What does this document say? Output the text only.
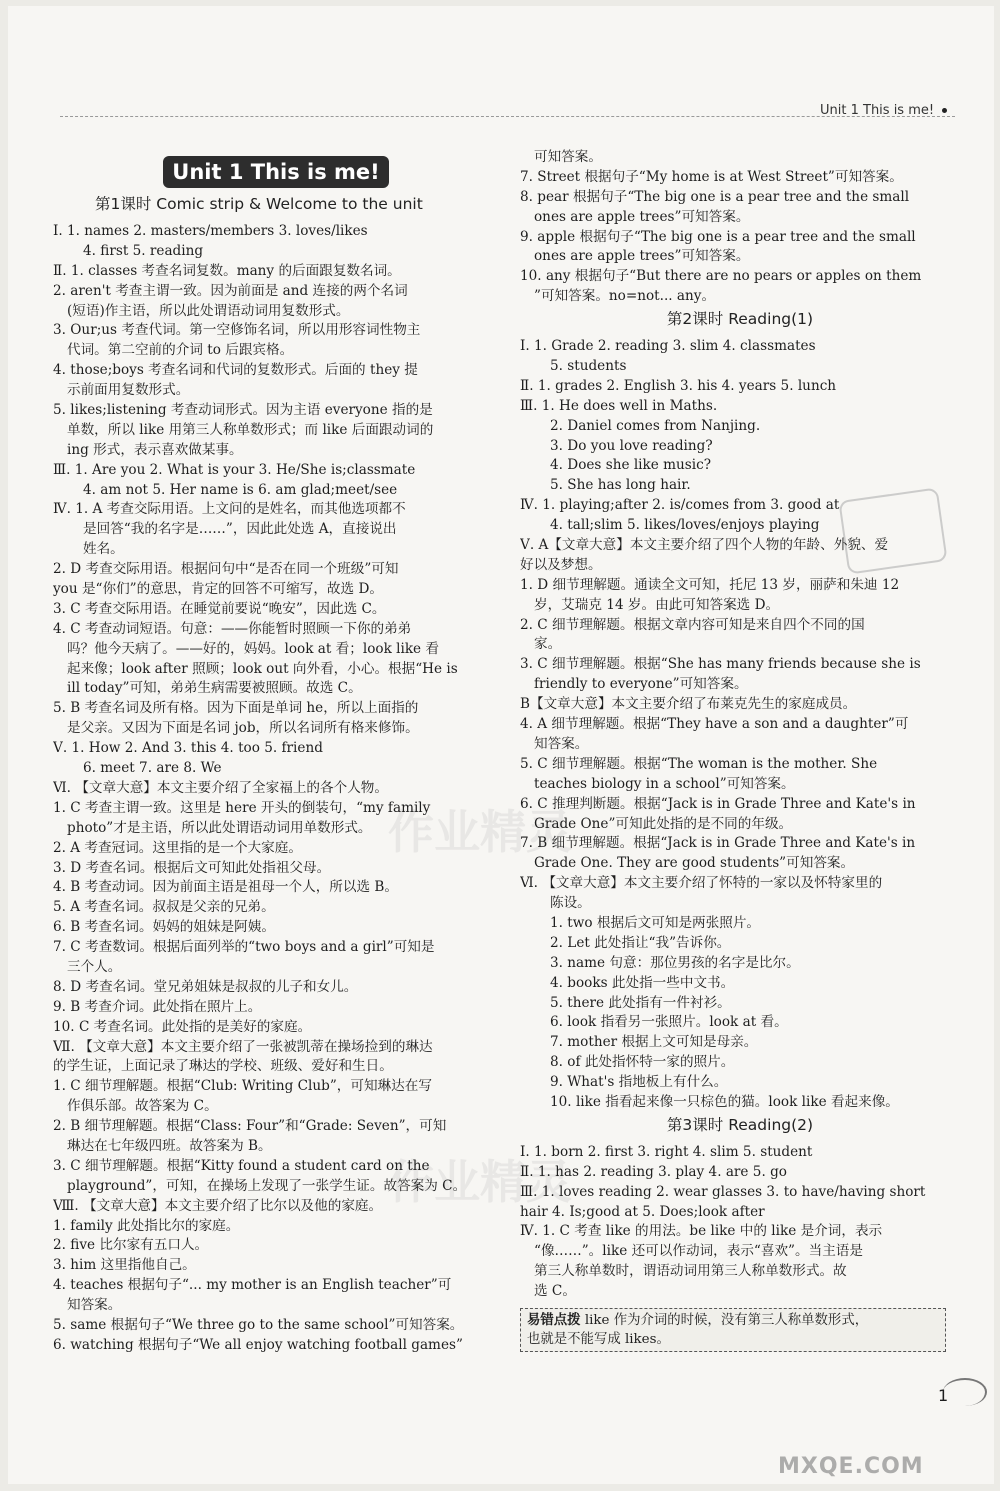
Unit 1 This is me!
作业精灵
作业精灵
Unit 1 This is me!
第1课时 Comic strip & Welcome to the unit
Ⅰ. 1. names 2. masters/members 3. loves/likes
4. first 5. reading
Ⅱ. 1. classes 考查名词复数。many 的后面跟复数名词。
2. aren't 考查主谓一致。因为前面是 and 连接的两个名词
(短语)作主语，所以此处谓语动词用复数形式。
3. Our;us 考查代词。第一空修饰名词，所以用形容词性物主
代词。第二空前的介词 to 后跟宾格。
4. those;boys 考查名词和代词的复数形式。后面的 they 提
示前面用复数形式。
5. likes;listening 考查动词形式。因为主语 everyone 指的是
单数，所以 like 用第三人称单数形式；而 like 后面跟动词的
ing 形式，表示喜欢做某事。
Ⅲ. 1. Are you 2. What is your 3. He/She is;classmate
4. am not 5. Her name is 6. am glad;meet/see
Ⅳ. 1. A 考查交际用语。上文问的是姓名，而其他选项都不
是回答“我的名字是……”，因此此处选 A，直接说出
姓名。
2. D 考查交际用语。根据问句中“是否在同一个班级”可知
you 是“你们”的意思，肯定的回答不可缩写，故选 D。
3. C 考查交际用语。在睡觉前要说“晚安”，因此选 C。
4. C 考查动词短语。句意：——你能暂时照顾一下你的弟弟
吗？他今天病了。——好的，妈妈。look at 看；look like 看
起来像；look after 照顾；look out 向外看，小心。根据“He is
ill today”可知，弟弟生病需要被照顾。故选 C。
5. B 考查名词及所有格。因为下面是单词 he，所以上面指的
是父亲。又因为下面是名词 job，所以名词所有格来修饰。
Ⅴ. 1. How 2. And 3. this 4. too 5. friend
6. meet 7. are 8. We
Ⅵ. 【文章大意】本文主要介绍了全家福上的各个人物。
1. C 考查主谓一致。这里是 here 开头的倒装句，“my family
photo”才是主语，所以此处谓语动词用单数形式。
2. A 考查冠词。这里指的是一个大家庭。
3. D 考查名词。根据后文可知此处指祖父母。
4. B 考查动词。因为前面主语是祖母一个人，所以选 B。
5. A 考查名词。叔叔是父亲的兄弟。
6. B 考查名词。妈妈的姐妹是阿姨。
7. C 考查数词。根据后面列举的“two boys and a girl”可知是
三个人。
8. D 考查名词。堂兄弟姐妹是叔叔的儿子和女儿。
9. B 考查介词。此处指在照片上。
10. C 考查名词。此处指的是美好的家庭。
Ⅶ. 【文章大意】本文主要介绍了一张被凯蒂在操场捡到的琳达
的学生证，上面记录了琳达的学校、班级、爱好和生日。
1. C 细节理解题。根据“Club: Writing Club”，可知琳达在写
作俱乐部。故答案为 C。
2. B 细节理解题。根据“Class: Four”和“Grade: Seven”，可知
琳达在七年级四班。故答案为 B。
3. C 细节理解题。根据“Kitty found a student card on the
playground”，可知，在操场上发现了一张学生证。故答案为 C。
Ⅷ. 【文章大意】本文主要介绍了比尔以及他的家庭。
1. family 此处指比尔的家庭。
2. five 比尔家有五口人。
3. him 这里指他自己。
4. teaches 根据句子“... my mother is an English teacher”可
知答案。
5. same 根据句子“We three go to the same school”可知答案。
6. watching 根据句子“We all enjoy watching football games”
可知答案。
7. Street 根据句子“My home is at West Street”可知答案。
8. pear 根据句子“The big one is a pear tree and the small
ones are apple trees”可知答案。
9. apple 根据句子“The big one is a pear tree and the small
ones are apple trees”可知答案。
10. any 根据句子“But there are no pears or apples on them
”可知答案。no=not... any。
第2课时 Reading(1)
Ⅰ. 1. Grade 2. reading 3. slim 4. classmates
5. students
Ⅱ. 1. grades 2. English 3. his 4. years 5. lunch
Ⅲ. 1. He does well in Maths.
2. Daniel comes from Nanjing.
3. Do you love reading?
4. Does she like music?
5. She has long hair.
Ⅳ. 1. playing;after 2. is/comes from 3. good at
4. tall;slim 5. likes/loves/enjoys playing
Ⅴ. A【文章大意】本文主要介绍了四个人物的年龄、外貌、爱
好以及梦想。
1. D 细节理解题。通读全文可知，托尼 13 岁，丽萨和朱迪 12
岁，艾瑞克 14 岁。由此可知答案选 D。
2. C 细节理解题。根据文章内容可知是来自四个不同的国
家。
3. C 细节理解题。根据“She has many friends because she is
friendly to everyone”可知答案。
B【文章大意】本文主要介绍了布莱克先生的家庭成员。
4. A 细节理解题。根据“They have a son and a daughter”可
知答案。
5. C 细节理解题。根据“The woman is the mother. She
teaches biology in a school”可知答案。
6. C 推理判断题。根据“Jack is in Grade Three and Kate's in
Grade One”可知此处指的是不同的年级。
7. B 细节理解题。根据“Jack is in Grade Three and Kate's in
Grade One. They are good students”可知答案。
Ⅵ. 【文章大意】本文主要介绍了怀特的一家以及怀特家里的
陈设。
1. two 根据后文可知是两张照片。
2. Let 此处指让“我”告诉你。
3. name 句意：那位男孩的名字是比尔。
4. books 此处指一些中文书。
5. there 此处指有一件衬衫。
6. look 指看另一张照片。look at 看。
7. mother 根据上文可知是母亲。
8. of 此处指怀特一家的照片。
9. What's 指地板上有什么。
10. like 指看起来像一只棕色的猫。look like 看起来像。
第3课时 Reading(2)
Ⅰ. 1. born 2. first 3. right 4. slim 5. student
Ⅱ. 1. has 2. reading 3. play 4. are 5. go
Ⅲ. 1. loves reading 2. wear glasses 3. to have/having short
hair 4. Is;good at 5. Does;look after
Ⅳ. 1. C 考查 like 的用法。be like 中的 like 是介词，表示
“像……”。like 还可以作动词，表示“喜欢”。当主语是
第三人称单数时，谓语动词用第三人称单数形式。故
选 C。
易错点拨 like 作为介词的时候，没有第三人称单数形式，
也就是不能写成 likes。
1
MXQE.COM
